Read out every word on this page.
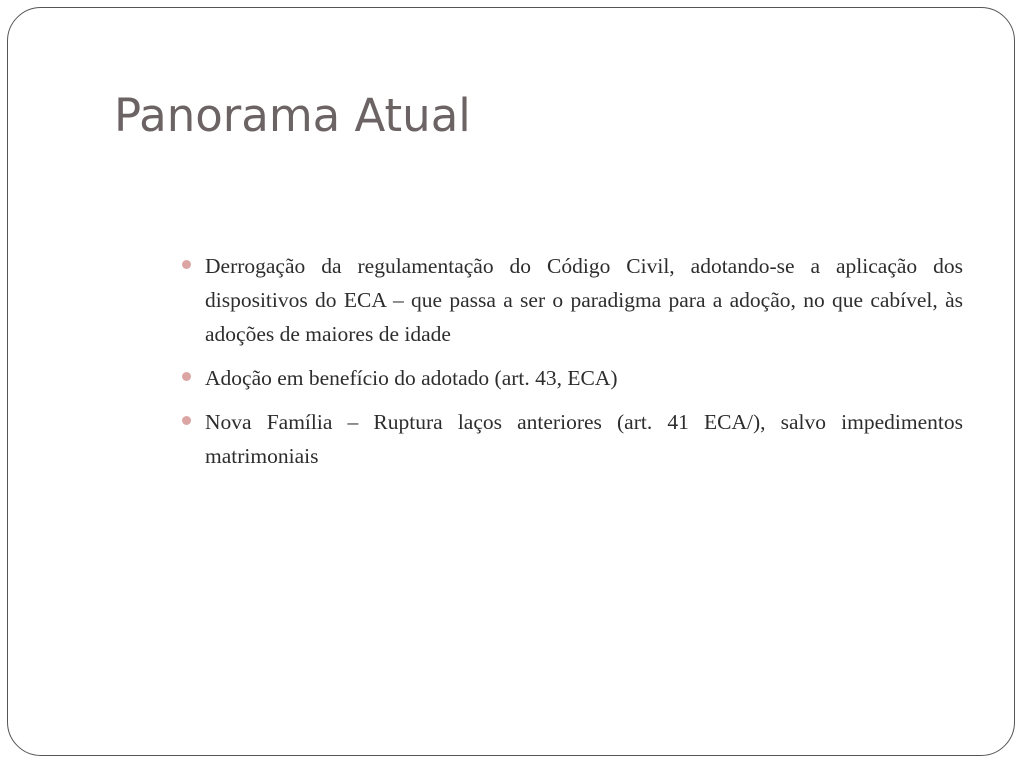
Panorama Atual
Derrogação da regulamentação do Código Civil, adotando-se a aplicação dos dispositivos do ECA – que passa a ser o paradigma para a adoção, no que cabível, às adoções de maiores de idade
Adoção em benefício do adotado (art. 43, ECA)
Nova Família – Ruptura laços anteriores (art. 41 ECA/), salvo impedimentos matrimoniais
